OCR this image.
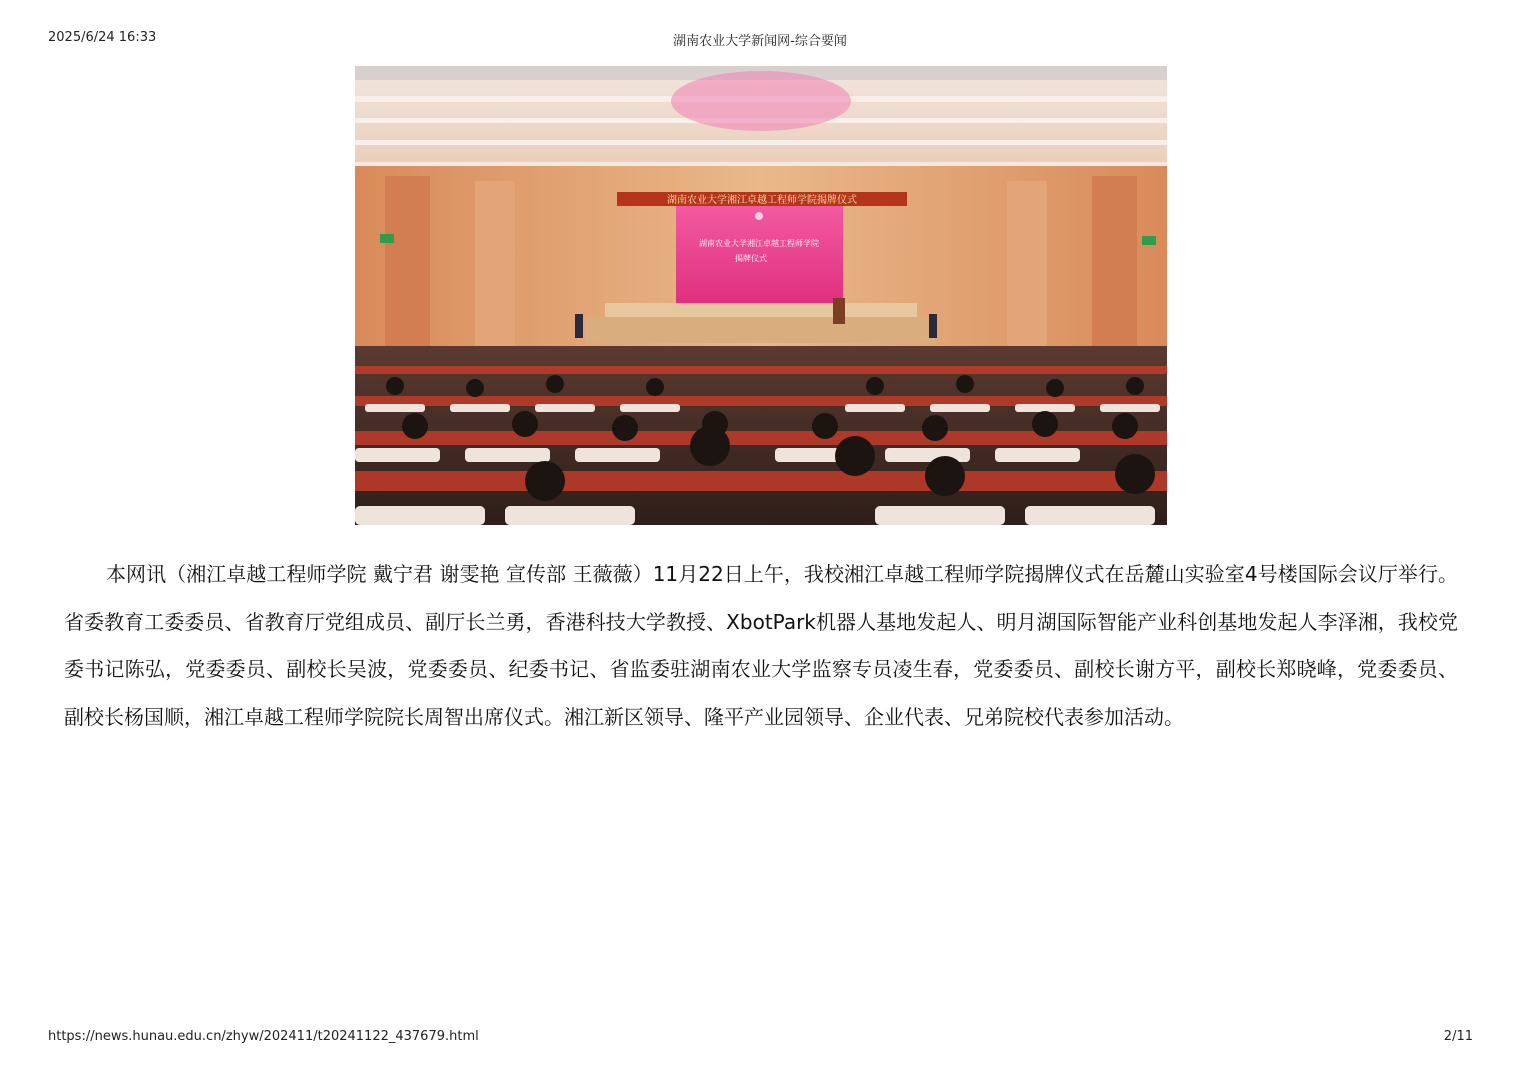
2025/6/24 16:33	湖南农业大学新闻网-综合要闻
湖南农业大学湘江卓越工程师学院揭牌仪式
湖南农业大学湘江卓越工程师学院
揭牌仪式
本网讯（湘江卓越工程师学院 戴宁君 谢雯艳 宣传部 王薇薇）11月22日上午，我校湘江卓越工程师学院揭牌仪式在岳麓山实验室4号楼国际会议厅举行。省委教育工委委员、省教育厅党组成员、副厅长兰勇，香港科技大学教授、XbotPark机器人基地发起人、明月湖国际智能产业科创基地发起人李泽湘，我校党委书记陈弘，党委委员、副校长吴波，党委委员、纪委书记、省监委驻湖南农业大学监察专员凌生春，党委委员、副校长谢方平，副校长郑晓峰，党委委员、副校长杨国顺，湘江卓越工程师学院院长周智出席仪式。湘江新区领导、隆平产业园领导、企业代表、兄弟院校代表参加活动。
https://news.hunau.edu.cn/zhyw/202411/t20241122_437679.html	2/11
